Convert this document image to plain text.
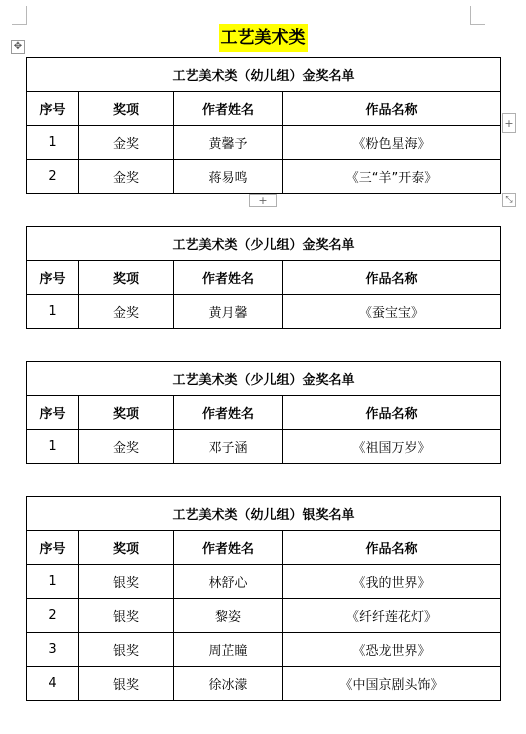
✥	工艺美术类
工艺美术类（幼儿组）金奖名单			
序号	奖项	作者姓名	作品名称
1	金奖	黄馨予	《粉色星海》
2	金奖	蒋易鸣	《三“羊”开泰》
工艺美术类（少儿组）金奖名单			
序号	奖项	作者姓名	作品名称
1	金奖	黄月馨	《蚕宝宝》
工艺美术类（少儿组）金奖名单			
序号	奖项	作者姓名	作品名称
1	金奖	邓子涵	《祖国万岁》
工艺美术类（幼儿组）银奖名单			
序号	奖项	作者姓名	作品名称
1	银奖	林舒心	《我的世界》
2	银奖	黎姿	《纤纤莲花灯》
3	银奖	周芷瞳	《恐龙世界》
4	银奖	徐冰濛	《中国京剧头饰》
+
+	⤡
